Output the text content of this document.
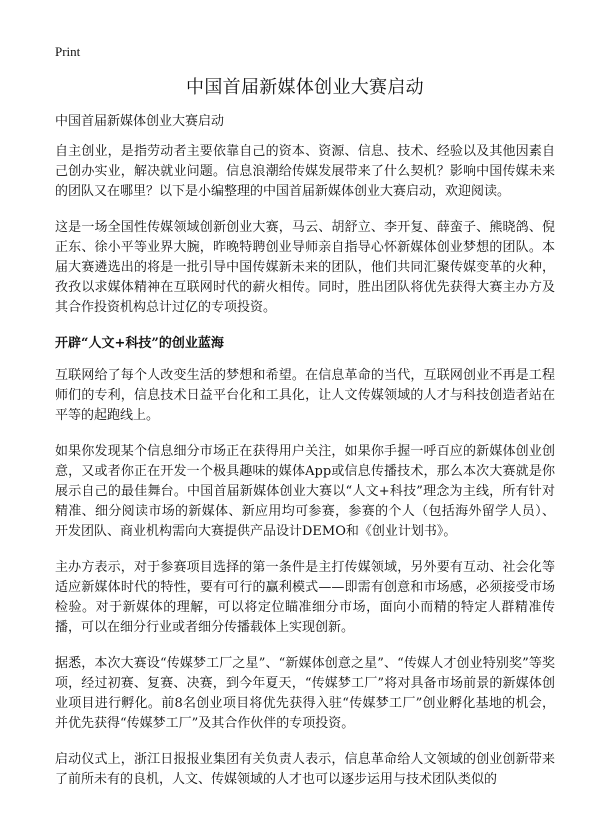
Print
中国首届新媒体创业大赛启动
中国首届新媒体创业大赛启动

自主创业，是指劳动者主要依靠自己的资本、资源、信息、技术、经验以及其他因素自己创办实业，解决就业问题。信息浪潮给传媒发展带来了什么契机？影响中国传媒未来的团队又在哪里？以下是小编整理的中国首届新媒体创业大赛启动，欢迎阅读。

这是一场全国性传媒领域创新创业大赛，马云、胡舒立、李开复、薛蛮子、熊晓鸽、倪正东、徐小平等业界大腕，昨晚特聘创业导师亲自指导心怀新媒体创业梦想的团队。本届大赛遴选出的将是一批引导中国传媒新未来的团队，他们共同汇聚传媒变革的火种，孜孜以求媒体精神在互联网时代的薪火相传。同时，胜出团队将优先获得大赛主办方及其合作投资机构总计过亿的专项投资。

开辟“人文+科技”的创业蓝海

互联网给了每个人改变生活的梦想和希望。在信息革命的当代，互联网创业不再是工程师们的专利，信息技术日益平台化和工具化，让人文传媒领域的人才与科技创造者站在平等的起跑线上。

如果你发现某个信息细分市场正在获得用户关注，如果你手握一呼百应的新媒体创业创意，又或者你正在开发一个极具趣味的媒体App或信息传播技术，那么本次大赛就是你展示自己的最佳舞台。中国首届新媒体创业大赛以“人文+科技”理念为主线，所有针对精准、细分阅读市场的新媒体、新应用均可参赛，参赛的个人（包括海外留学人员）、开发团队、商业机构需向大赛提供产品设计DEMO和《创业计划书》。

主办方表示，对于参赛项目选择的第一条件是主打传媒领域，另外要有互动、社会化等适应新媒体时代的特性，要有可行的赢利模式——即需有创意和市场感，必须接受市场检验。对于新媒体的理解，可以将定位瞄准细分市场，面向小而精的特定人群精准传播，可以在细分行业或者细分传播载体上实现创新。

据悉，本次大赛设“传媒梦工厂之星”、“新媒体创意之星”、“传媒人才创业特别奖”等奖项，经过初赛、复赛、决赛，到今年夏天，“传媒梦工厂”将对具备市场前景的新媒体创业项目进行孵化。前8名创业项目将优先获得入驻“传媒梦工厂”创业孵化基地的机会，并优先获得“传媒梦工厂”及其合作伙伴的专项投资。

启动仪式上，浙江日报报业集团有关负责人表示，信息革命给人文领域的创业创新带来了前所未有的良机，人文、传媒领域的人才也可以逐步运用与技术团队类似的
